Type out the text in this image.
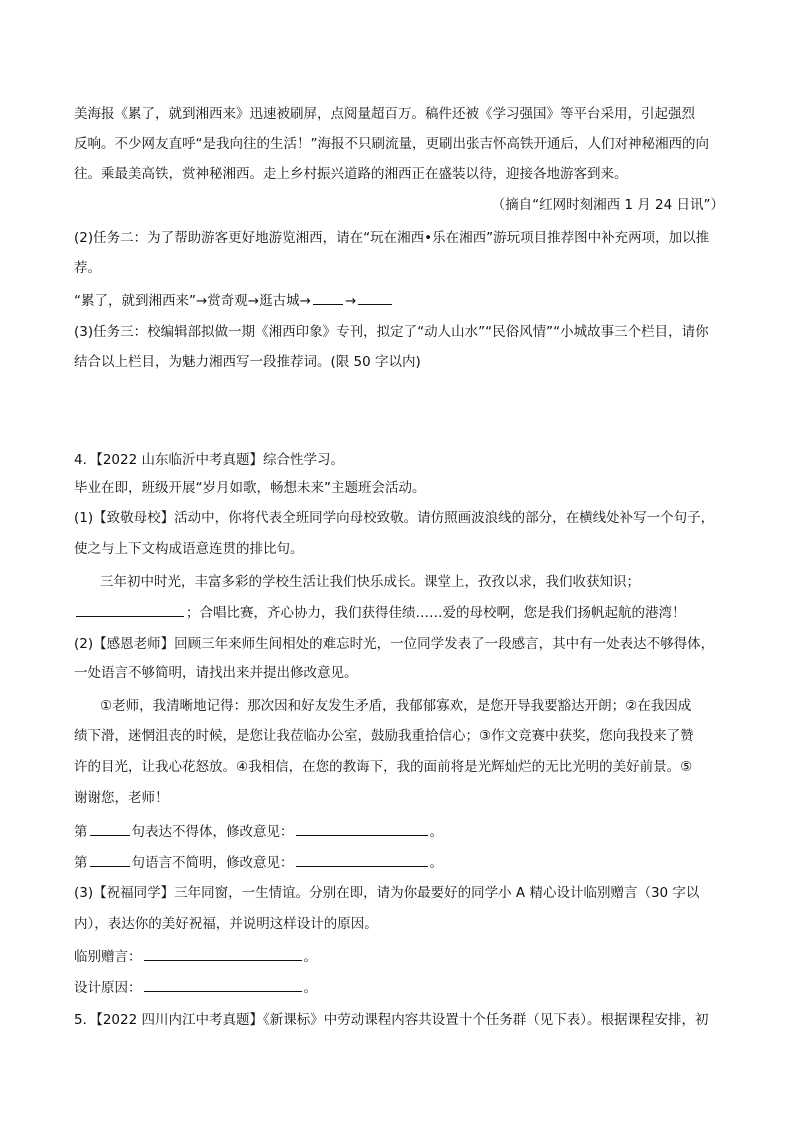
美海报《累了，就到湘西来》迅速被刷屏，点阅量超百万。稿件还被《学习强国》等平台采用，引起强烈
反响。不少网友直呼“是我向往的生活！”海报不只刷流量，更刷出张吉怀高铁开通后，人们对神秘湘西的向
往。乘最美高铁，赏神秘湘西。走上乡村振兴道路的湘西正在盛装以待，迎接各地游客到来。
（摘自“红网时刻湘西 1 月 24 日讯”）
(2)任务二：为了帮助游客更好地游览湘西，请在“玩在湘西•乐在湘西”游玩项目推荐图中补充两项，加以推
荐。
“累了，就到湘西来”→赏奇观→逛古城→	→
(3)任务三：校编辑部拟做一期《湘西印象》专刊，拟定了“动人山水”“民俗风情”“小城故事三个栏目，请你
结合以上栏目，为魅力湘西写一段推荐词。(限 50 字以内)
4．【2022 山东临沂中考真题】综合性学习。
毕业在即，班级开展“岁月如歌，畅想未来”主题班会活动。
(1)【致敬母校】活动中，你将代表全班同学向母校致敬。请仿照画波浪线的部分，在横线处补写一个句子，
使之与上下文构成语意连贯的排比句。
三年初中时光，丰富多彩的学校生活让我们快乐成长。课堂上，孜孜以求，我们收获知识；
；合唱比赛，齐心协力，我们获得佳绩……爱的母校啊，您是我们扬帆起航的港湾！
(2)【感恩老师】回顾三年来师生间相处的难忘时光，一位同学发表了一段感言，其中有一处表达不够得体，
一处语言不够简明，请找出来并提出修改意见。
①老师，我清晰地记得：那次因和好友发生矛盾，我郁郁寡欢，是您开导我要豁达开朗；②在我因成
绩下滑，迷惘沮丧的时候，是您让我莅临办公室，鼓励我重拾信心；③作文竞赛中获奖，您向我投来了赞
许的目光，让我心花怒放。④我相信，在您的教诲下，我的面前将是光辉灿烂的无比光明的美好前景。⑤
谢谢您，老师！
第	句表达不得体，修改意见：	。
第	句语言不简明，修改意见：	。
(3)【祝福同学】三年同窗，一生情谊。分别在即，请为你最要好的同学小 A 精心设计临别赠言（30 字以
内），表达你的美好祝福，并说明这样设计的原因。
临别赠言：	。
设计原因：	。
5．【2022 四川内江中考真题】《新课标》中劳动课程内容共设置十个任务群（见下表）。根据课程安排，初
